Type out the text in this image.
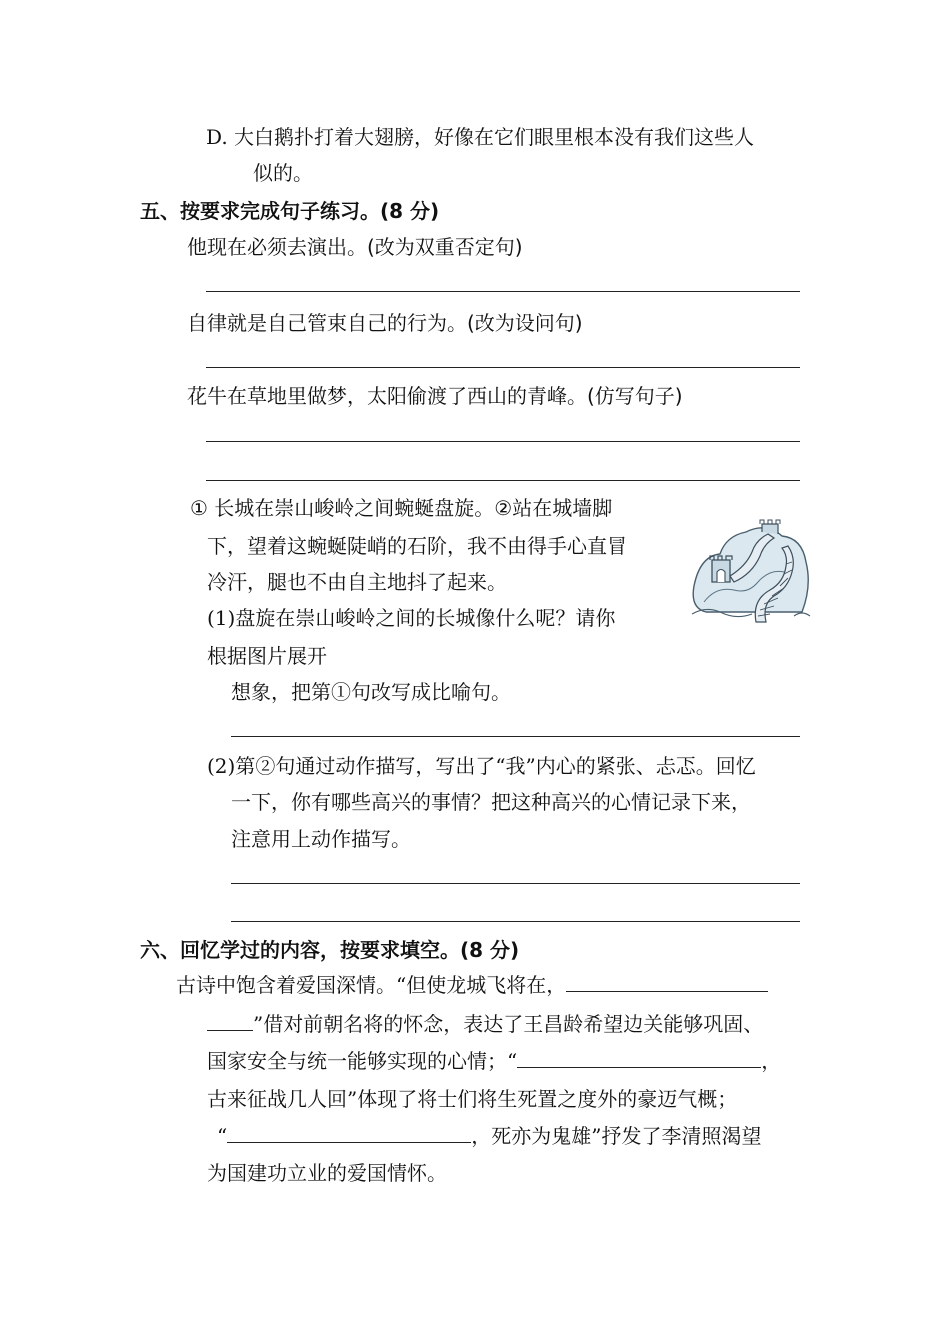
D. 大白鹅扑打着大翅膀，好像在它们眼里根本没有我们这些人
似的。
五、按要求完成句子练习。(8 分)
他现在必须去演出。(改为双重否定句)
自律就是自己管束自己的行为。(改为设问句)
花牛在草地里做梦，太阳偷渡了西山的青峰。(仿写句子)
① 长城在崇山峻岭之间蜿蜒盘旋。②站在城墙脚
下，望着这蜿蜒陡峭的石阶，我不由得手心直冒
冷汗，腿也不由自主地抖了起来。
(1)盘旋在崇山峻岭之间的长城像什么呢？请你
根据图片展开
想象，把第①句改写成比喻句。
(2)第②句通过动作描写，写出了“我”内心的紧张、忐忑。回忆
一下，你有哪些高兴的事情？把这种高兴的心情记录下来，
注意用上动作描写。
六、回忆学过的内容，按要求填空。(8 分)
古诗中饱含着爱国深情。“但使龙城飞将在，
”借对前朝名将的怀念，表达了王昌龄希望边关能够巩固、
国家安全与统一能够实现的心情；“	，
古来征战几人回”体现了将士们将生死置之度外的豪迈气概；
“	，死亦为鬼雄”抒发了李清照渴望
为国建功立业的爱国情怀。
